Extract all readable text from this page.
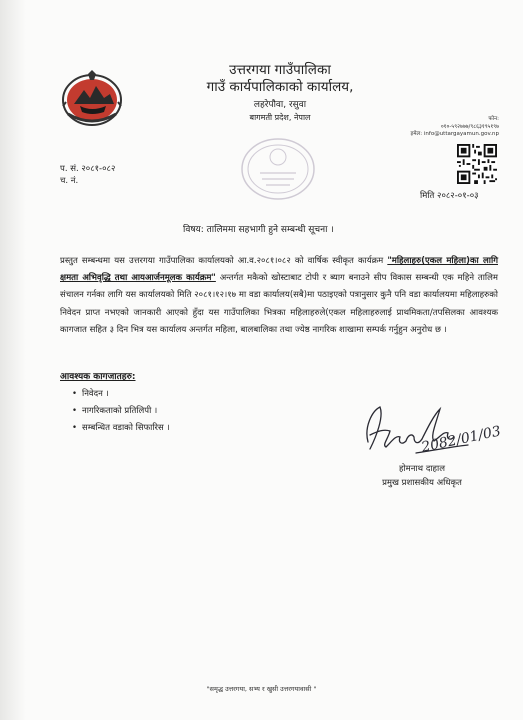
उत्तरगया गाउँपालिका
गाउँ कार्यपालिकाको कार्यालय,
लहरेपौवा, रसुवा
बागमती प्रदेश, नेपाल	फोन:
०१०-५९२७७७/९८६३१९५१९७
इमेल: info@uttargayamun.gov.np
प. सं. २०८१-०८२
च. नं.
मिति २०८२-०१-०३
विषय: तालिममा सहभागी हुने सम्बन्धी सूचना ।
प्रस्तुत सम्बन्धमा यस उत्तरगया गाउँपालिका कार्यालयको आ.व.२०८१।०८२ को वार्षिक स्वीकृत कार्यक्रम "महिलाहरु(एकल महिला)का लागि क्षमता अभिवृद्धि तथा आयआर्जनमूलक कार्यक्रम" अन्तर्गत मकैको खोस्टाबाट टोपी र ब्याग बनाउने सीप विकास सम्बन्धी एक महिने तालिम संचालन गर्नका लागि यस कार्यालयको मिति २०८१।१२।१७ मा वडा कार्यालय(सबै)मा पठाइएको पत्रानुसार कुनै पनि वडा कार्यालयमा महिलाहरुको निवेदन प्राप्त नभएको जानकारी आएको हुँदा यस गाउँपालिका भित्रका महिलाहरुले(एकल महिलाहरुलाई प्राथमिकता/तपसिलका आवश्यक कागजात सहित ३ दिन भित्र यस कार्यालय अन्तर्गत महिला, बालबालिका तथा ज्येष्ठ नागरिक शाखामा सम्पर्क गर्नुहुन अनुरोध छ ।
आवश्यक कागजातहरु:
• निवेदन ।
• नागरिकताको प्रतिलिपी ।
• सम्बन्धित वडाको सिफारिस ।	2082/01/03
होमनाथ दाहाल
प्रमुख प्रशासकीय अधिकृत
"समृद्ध उत्तरगया, सभ्य र खुसी उत्तरगयावासी "
